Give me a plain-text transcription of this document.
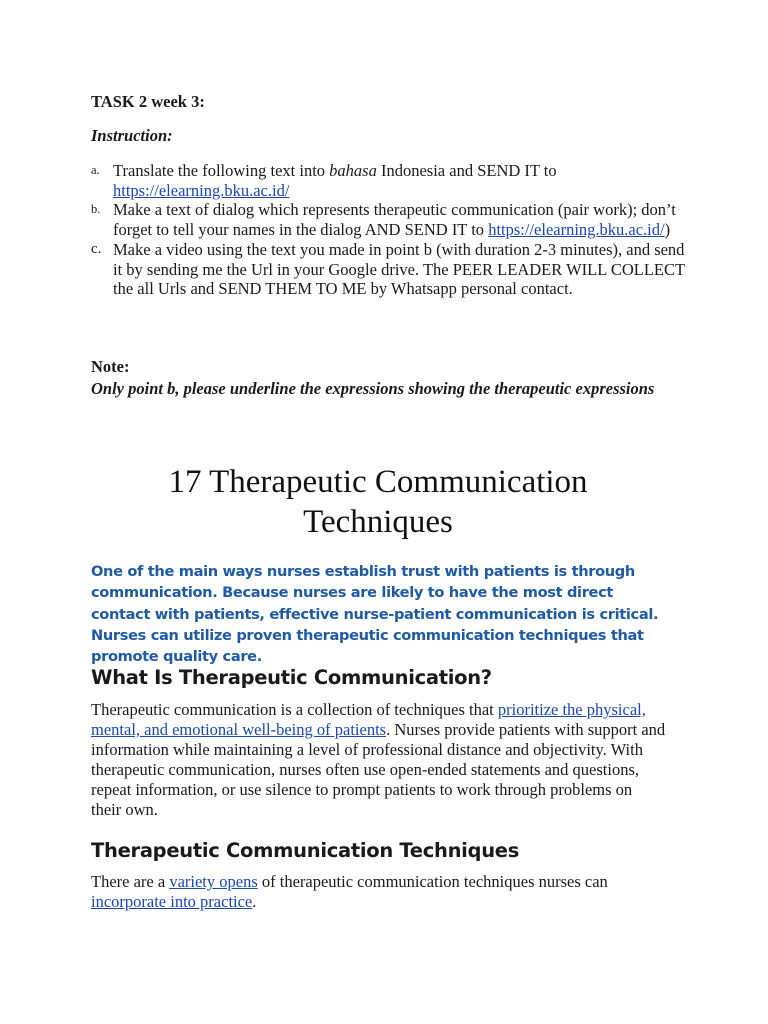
TASK 2 week 3:
Instruction:
a. Translate the following text into bahasa Indonesia and SEND IT to https://elearning.bku.ac.id/
b. Make a text of dialog which represents therapeutic communication (pair work); don’t forget to tell your names in the dialog AND SEND IT to https://elearning.bku.ac.id/)
c. Make a video using the text you made in point b (with duration 2-3 minutes), and send it by sending me the Url in your Google drive. The PEER LEADER WILL COLLECT the all Urls and SEND THEM TO ME by Whatsapp personal contact.
Note:
Only point b, please underline the expressions showing the therapeutic expressions
17 Therapeutic Communication Techniques
One of the main ways nurses establish trust with patients is through communication. Because nurses are likely to have the most direct contact with patients, effective nurse-patient communication is critical. Nurses can utilize proven therapeutic communication techniques that promote quality care.
What Is Therapeutic Communication?
Therapeutic communication is a collection of techniques that prioritize the physical, mental, and emotional well-being of patients. Nurses provide patients with support and information while maintaining a level of professional distance and objectivity. With therapeutic communication, nurses often use open-ended statements and questions, repeat information, or use silence to prompt patients to work through problems on their own.
Therapeutic Communication Techniques
There are a variety opens of therapeutic communication techniques nurses can incorporate into practice.
